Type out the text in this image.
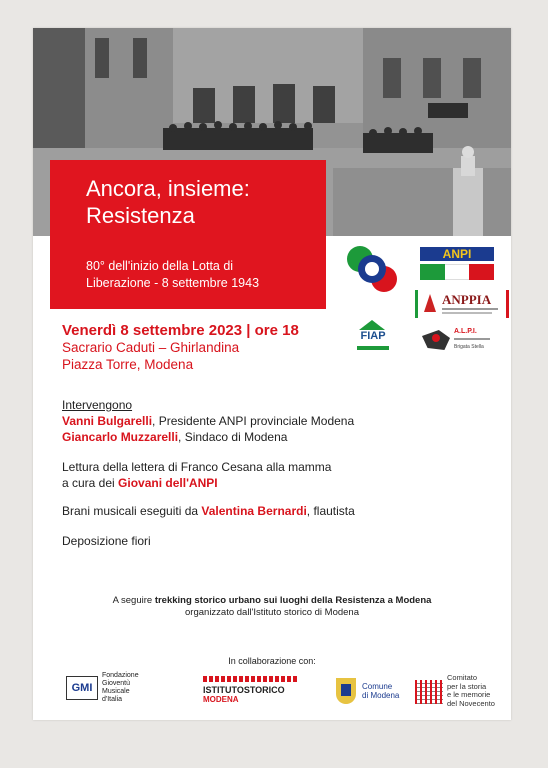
Ancora, insieme:
Resistenza
80° dell'inizio della Lotta di
Liberazione - 8 settembre 1943
ANPI
ANPPIA
FIAP	A.L.P.I.
Brigata Stella
Venerdì 8 settembre 2023 | ore 18
Sacrario Caduti – Ghirlandina
Piazza Torre, Modena
Intervengono
Vanni Bulgarelli, Presidente ANPI provinciale Modena
Giancarlo Muzzarelli, Sindaco di Modena
Lettura della lettera di Franco Cesana alla mamma
a cura dei Giovani dell'ANPI
Brani musicali eseguiti da Valentina Bernardi, flautista
Deposizione fiori
A seguire trekking storico urbano sui luoghi della Resistenza a Modena
organizzato dall'Istituto storico di Modena
In collaborazione con:
GMI
Fondazione
Gioventù
Musicale
d'Italia
ISTITUTOSTORICO
MODENA
Comune
di Modena
Comitato
per la storia
e le memorie
del Novecento
